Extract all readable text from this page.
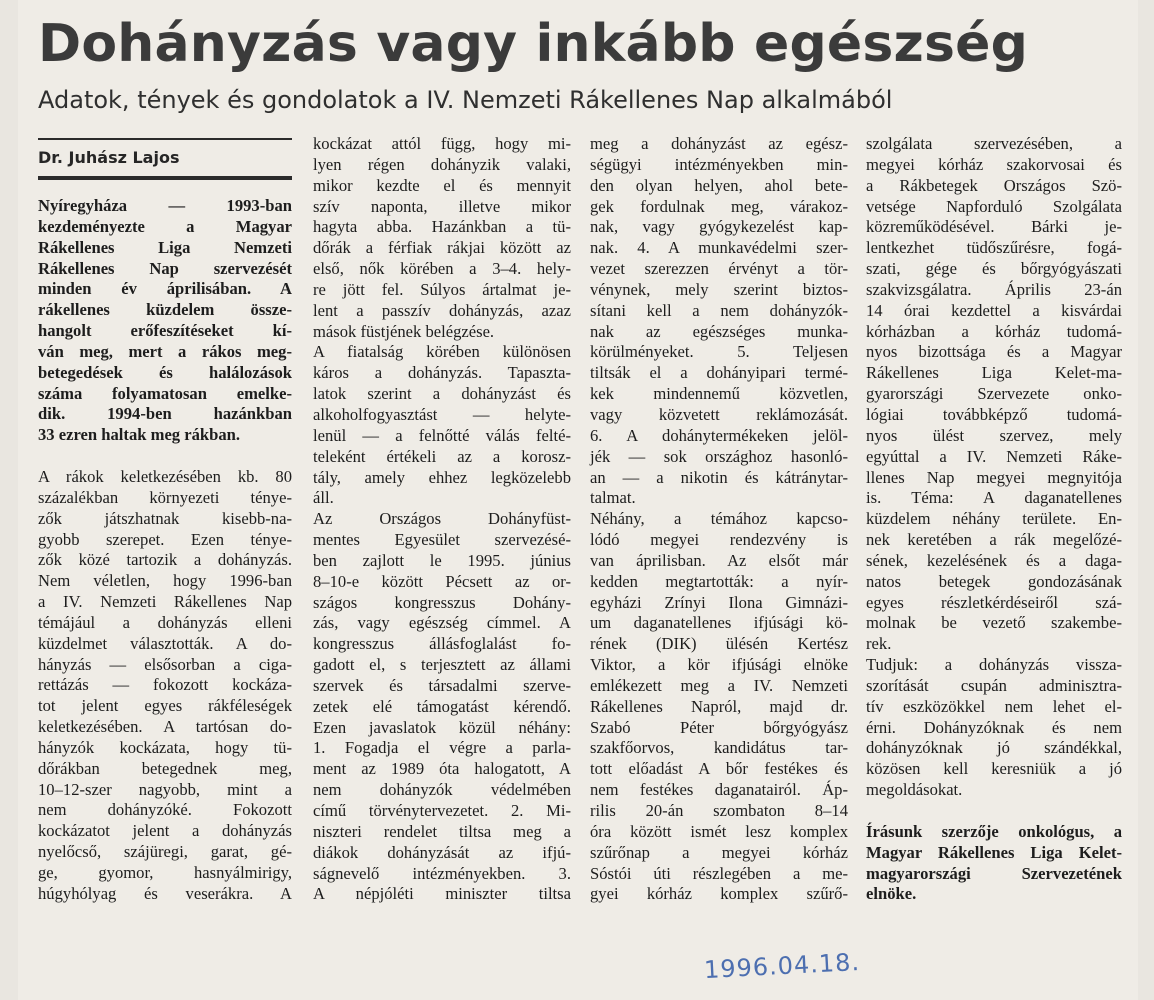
Dohányzás vagy inkább egészség
Adatok, tények és gondolatok a IV. Nemzeti Rákellenes Nap alkalmából
Dr. Juhász Lajos
Nyíregyháza — 1993-ban
kezdeményezte a Magyar
Rákellenes Liga Nemzeti
Rákellenes Nap szervezését
minden év áprilisában. A
rákellenes küzdelem össze-
hangolt erőfeszítéseket kí-
ván meg, mert a rákos meg-
betegedések és halálozások
száma folyamatosan emelke-
dik. 1994-ben hazánkban
33 ezren haltak meg rákban.
A rákok keletkezésében kb. 80
százalékban környezeti ténye-
zők játszhatnak kisebb-na-
gyobb szerepet. Ezen ténye-
zők közé tartozik a dohányzás.
Nem véletlen, hogy 1996-ban
a IV. Nemzeti Rákellenes Nap
témájául a dohányzás elleni
küzdelmet választották. A do-
hányzás — elsősorban a ciga-
rettázás — fokozott kockáza-
tot jelent egyes rákféleségek
keletkezésében. A tartósan do-
hányzók kockázata, hogy tü-
dőrákban betegednek meg,
10–12-szer nagyobb, mint a
nem dohányzóké. Fokozott
kockázatot jelent a dohányzás
nyelőcső, szájüregi, garat, gé-
ge, gyomor, hasnyálmirigy,
húgyhólyag és veserákra. A
kockázat attól függ, hogy mi-
lyen régen dohányzik valaki,
mikor kezdte el és mennyit
szív naponta, illetve mikor
hagyta abba. Hazánkban a tü-
dőrák a férfiak rákjai között az
első, nők körében a 3–4. hely-
re jött fel. Súlyos ártalmat je-
lent a passzív dohányzás, azaz
mások füstjének belégzése.
A fiatalság körében különösen
káros a dohányzás. Tapaszta-
latok szerint a dohányzást és
alkoholfogyasztást — helyte-
lenül — a felnőtté válás felté-
teleként értékeli az a korosz-
tály, amely ehhez legközelebb
áll.
Az Országos Dohányfüst-
mentes Egyesület szervezésé-
ben zajlott le 1995. június
8–10-e között Pécsett az or-
szágos kongresszus Dohány-
zás, vagy egészség címmel. A
kongresszus állásfoglalást fo-
gadott el, s terjesztett az állami
szervek és társadalmi szerve-
zetek elé támogatást kérendő.
Ezen javaslatok közül néhány:
1. Fogadja el végre a parla-
ment az 1989 óta halogatott, A
nem dohányzók védelmében
című törvénytervezetet. 2. Mi-
niszteri rendelet tiltsa meg a
diákok dohányzását az ifjú-
ságnevelő intézményekben. 3.
A népjóléti miniszter tiltsa
meg a dohányzást az egész-
ségügyi intézményekben min-
den olyan helyen, ahol bete-
gek fordulnak meg, várakoz-
nak, vagy gyógykezelést kap-
nak. 4. A munkavédelmi szer-
vezet szerezzen érvényt a tör-
vénynek, mely szerint biztos-
sítani kell a nem dohányzók-
nak az egészséges munka-
körülményeket. 5. Teljesen
tiltsák el a dohányipari termé-
kek mindennemű közvetlen,
vagy közvetett reklámozását.
6. A dohánytermékeken jelöl-
jék — sok országhoz hasonló-
an — a nikotin és kátránytar-
talmat.
Néhány, a témához kapcso-
lódó megyei rendezvény is
van áprilisban. Az elsőt már
kedden megtartották: a nyír-
egyházi Zrínyi Ilona Gimnázi-
um daganatellenes ifjúsági kö-
rének (DIK) ülésén Kertész
Viktor, a kör ifjúsági elnöke
emlékezett meg a IV. Nemzeti
Rákellenes Napról, majd dr.
Szabó Péter bőrgyógyász
szakfőorvos, kandidátus tar-
tott előadást A bőr festékes és
nem festékes daganatairól. Áp-
rilis 20-án szombaton 8–14
óra között ismét lesz komplex
szűrőnap a megyei kórház
Sóstói úti részlegében a me-
gyei kórház komplex szűrő-
szolgálata szervezésében, a
megyei kórház szakorvosai és
a Rákbetegek Országos Szö-
vetsége Napforduló Szolgálata
közreműködésével. Bárki je-
lentkezhet tüdőszűrésre, fogá-
szati, gége és bőrgyógyászati
szakvizsgálatra. Április 23-án
14 órai kezdettel a kisvárdai
kórházban a kórház tudomá-
nyos bizottsága és a Magyar
Rákellenes Liga Kelet-ma-
gyarországi Szervezete onko-
lógiai továbbképző tudomá-
nyos ülést szervez, mely
egyúttal a IV. Nemzeti Ráke-
llenes Nap megyei megnyitója
is. Téma: A daganatellenes
küzdelem néhány területe. En-
nek keretében a rák megelőzé-
sének, kezelésének és a daga-
natos betegek gondozásának
egyes részletkérdéseiről szá-
molnak be vezető szakembe-
rek.
Tudjuk: a dohányzás vissza-
szorítását csupán adminisztra-
tív eszközökkel nem lehet el-
érni. Dohányzóknak és nem
dohányzóknak jó szándékkal,
közösen kell keresniük a jó
megoldásokat.
Írásunk szerzője onkológus, a
Magyar Rákellenes Liga Kelet-
magyarországi Szervezetének
elnöke.
1996.04.18.
